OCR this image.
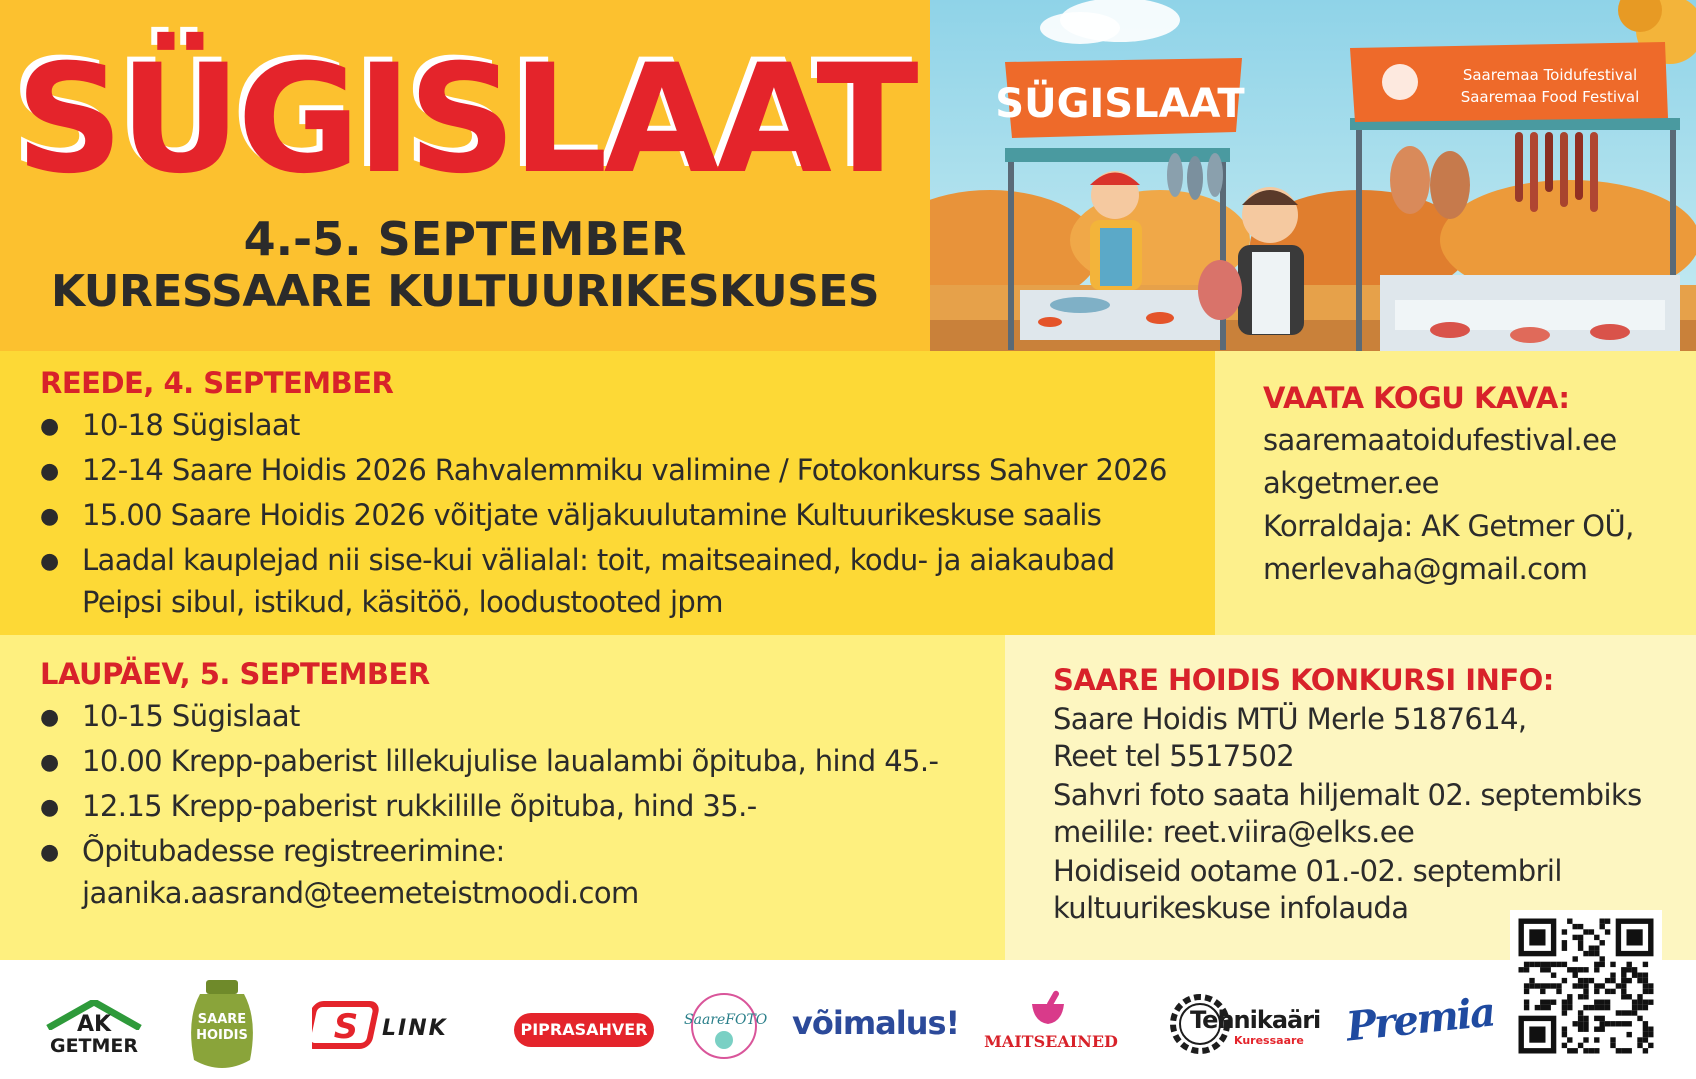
SÜGISLAAT
4.-5. SEPTEMBER
KURESSAARE KULTUURIKESKUSES
SÜGISLAAT
Saaremaa Toidufestival
Saaremaa Food Festival
REEDE, 4. SEPTEMBER
● 10-18 Sügislaat
● 12-14 Saare Hoidis 2026 Rahvalemmiku valimine / Fotokonkurss Sahver 2026
● 15.00 Saare Hoidis 2026 võitjate väljakuulutamine Kultuurikeskuse saalis
● Laadal kauplejad nii sise-kui välialal: toit, maitseained, kodu- ja aiakaubad
Peipsi sibul, istikud, käsitöö, loodustooted jpm
VAATA KOGU KAVA:
saaremaatoidufestival.ee
akgetmer.ee
Korraldaja: AK Getmer OÜ,
merlevaha@gmail.com
LAUPÄEV, 5. SEPTEMBER
● 10-15 Sügislaat
● 10.00 Krepp-paberist lillekujulise laualambi õpituba, hind 45.-
● 12.15 Krepp-paberist rukkilille õpituba, hind 35.-
● Õpitubadesse registreerimine:
jaanika.aasrand@teemeteistmoodi.com
SAARE HOIDIS KONKURSI INFO:
Saare Hoidis MTÜ Merle 5187614,
Reet tel 5517502
Sahvri foto saata hiljemalt 02. septembiks
meilile: reet.viira@elks.ee
Hoidiseid ootame 01.-02. septembril
kultuurikeskuse infolauda
AK
GETMER
SAARE
HOIDIS	S LINK	PIPRASAHVER	SaareFOTO võimalus!	MAITSEAINED
Tehnikaäri
Kuressaare Premia
